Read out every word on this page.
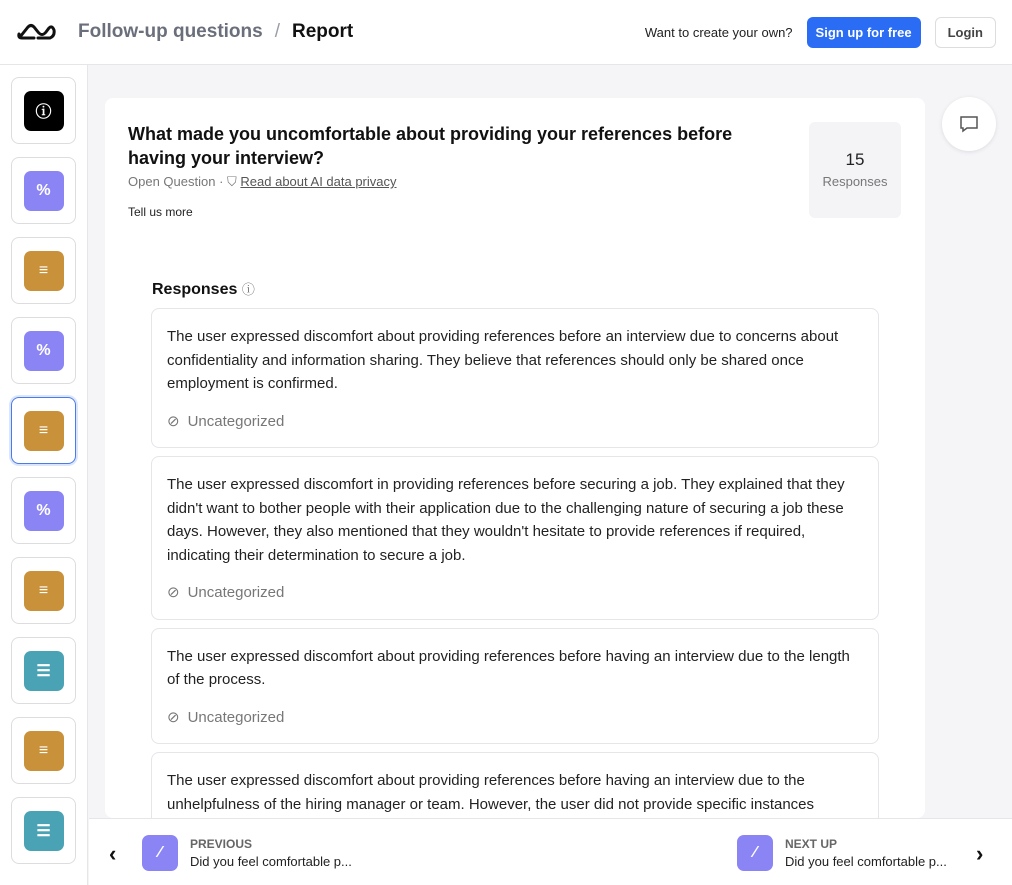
Follow-up questions / Report	Want to create your own?	Sign up for free	Login
ⓘ
%
≡
%
≡
%
≡
☰
≡
☰
What made you uncomfortable about providing your references before having your interview?
Open Question · ⛉ Read about AI data privacy
Tell us more
15
Responses
Responses ⓘ
The user expressed discomfort about providing references before an interview due to concerns about confidentiality and information sharing. They believe that references should only be shared once employment is confirmed.
⊘ Uncategorized
The user expressed discomfort in providing references before securing a job. They explained that they didn't want to bother people with their application due to the challenging nature of securing a job these days. However, they also mentioned that they wouldn't hesitate to provide references if required, indicating their determination to secure a job.
⊘ Uncategorized
The user expressed discomfort about providing references before having an interview due to the length of the process.
⊘ Uncategorized
The user expressed discomfort about providing references before having an interview due to the unhelpfulness of the hiring manager or team. However, the user did not provide specific instances
‹	⁄	PREVIOUS
Did you feel comfortable p...
⁄	NEXT UP
Did you feel comfortable p... ›
